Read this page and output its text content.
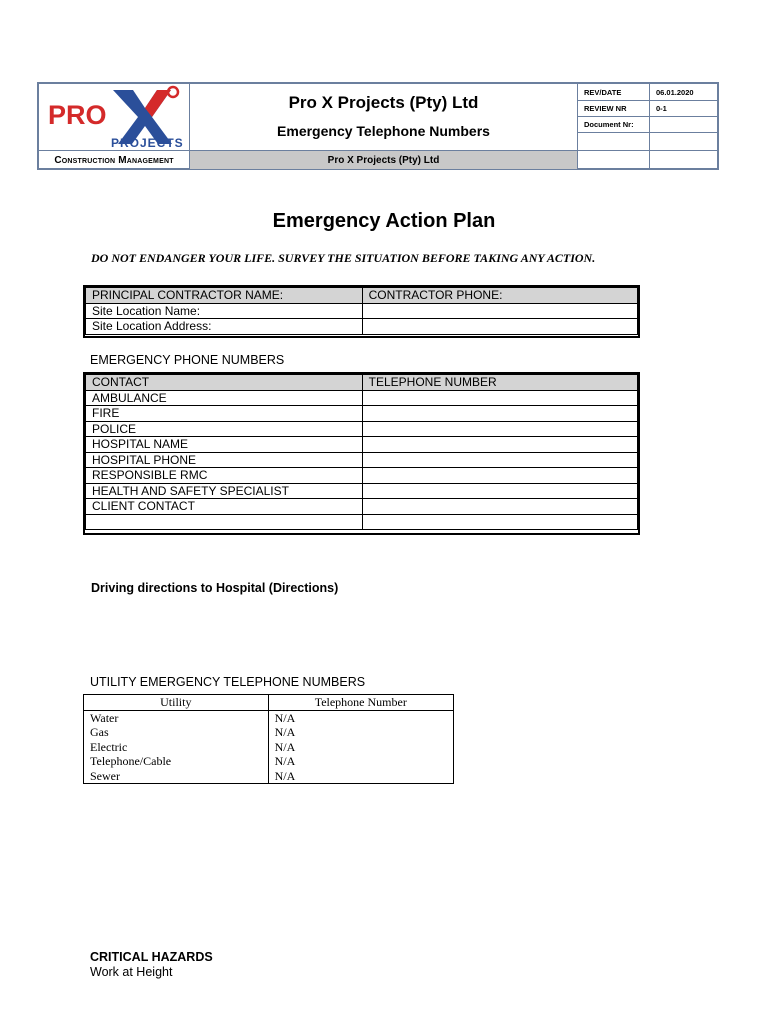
PRO
PROJECTS
Construction Management
Pro X Projects (Pty) Ltd
Emergency Telephone Numbers
Pro X Projects (Pty) Ltd
REV/DATE	06.01.2020
REVIEW NR	0-1
Document Nr:
Emergency Action Plan
DO NOT ENDANGER YOUR LIFE. SURVEY THE SITUATION BEFORE TAKING ANY ACTION.
PRINCIPAL CONTRACTOR NAME:	CONTRACTOR PHONE:
Site Location Name:	
Site Location Address:	
EMERGENCY PHONE NUMBERS
CONTACT	TELEPHONE NUMBER
AMBULANCE	
FIRE	
POLICE	
HOSPITAL NAME	
HOSPITAL PHONE	
RESPONSIBLE RMC	
HEALTH AND SAFETY SPECIALIST	
CLIENT CONTACT	

Driving directions to Hospital (Directions)
UTILITY EMERGENCY TELEPHONE NUMBERS
Utility	Telephone Number
Water	N/A
Gas	N/A
Electric	N/A
Telephone/Cable	N/A
Sewer	N/A
CRITICAL HAZARDS
Work at Height
